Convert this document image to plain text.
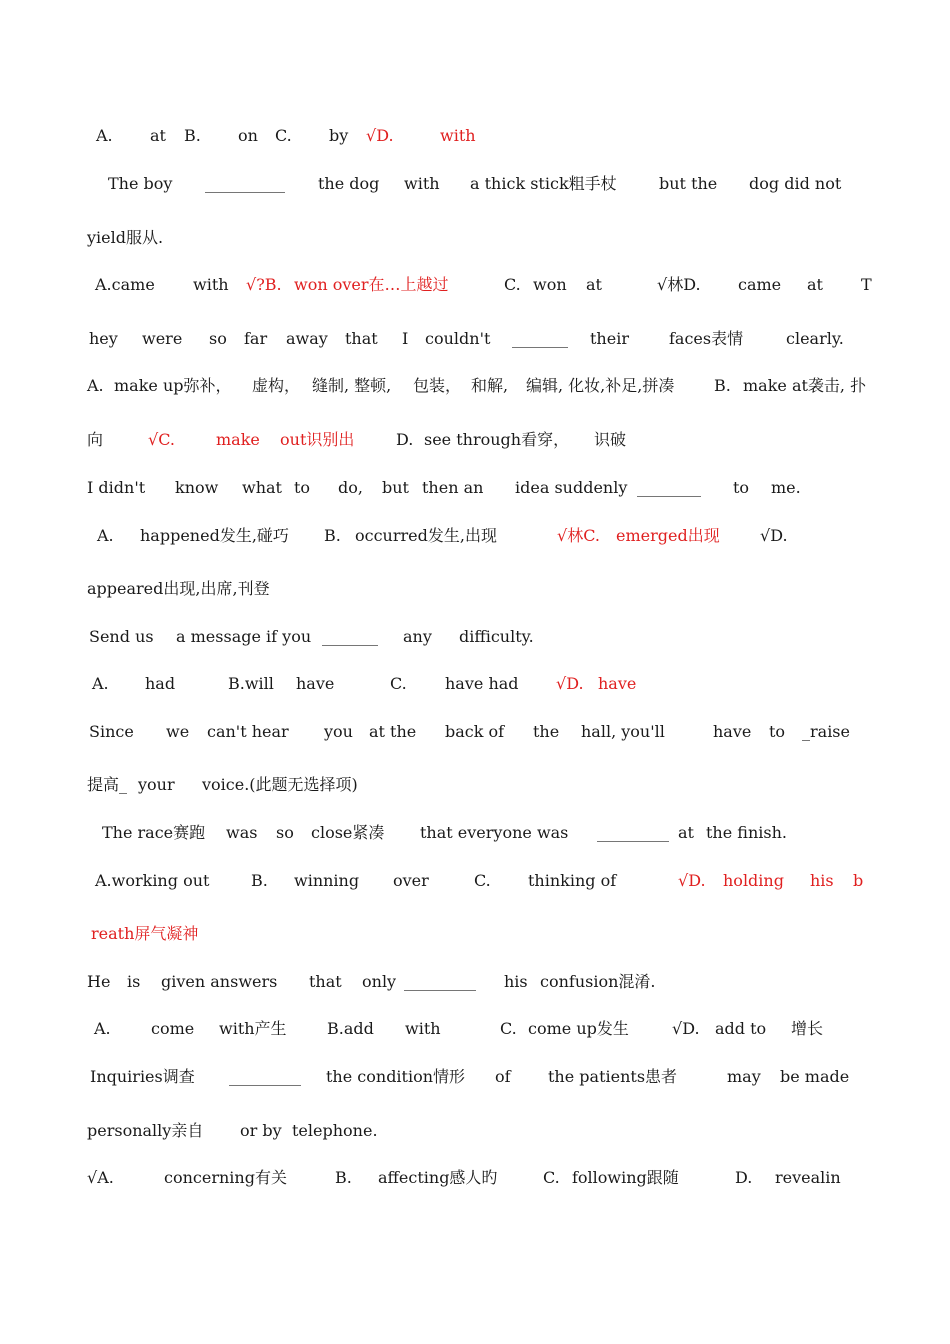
A. at B. on C. by √D.	with
The boy __________ the dog with a thick stick粗手杖	but the dog did not
yield服从.
A.came with √?B. won over在…上越过	C. won at	√林D. came at T
hey were so far away that I couldn't _______ their	faces表情	clearly.
A. make up弥补， 虚构， 缝制, 整顿, 包装， 和解, 编辑, 化妆,补足,拼凑 B. make at袭击, 扑
向	√C.	make out识别出	D. see through看穿， 识破
I didn't know what to do, but then an idea suddenly ________ to me.
A. happened发生,碰巧 B. occurred发生,出现	√林C. emerged出现	√D.
appeared出现,出席,刊登
Send us a message if you _______ any difficulty.
A. had	B.will have	C. have had √D. have
Since we can't hear you at the back of the hall, you'll	have to _raise
提高_ your voice.(此题无选择项)
The race赛跑 was so close紧凑 that everyone was _________ at the finish.
A.working out	B. winning over	C. thinking of	√D. holding his b
reath屏气凝神
He is given answers that only _________ his confusion混淆.
A.	come with产生	B.add with	C. come up发生	√D. add to 增长
Inquiries调查 _________ the condition情形 of the patients患者	may be made
personally亲自 or by telephone.
√A.	concerning有关	B. affecting感人旳	C. following跟随	D. revealin
